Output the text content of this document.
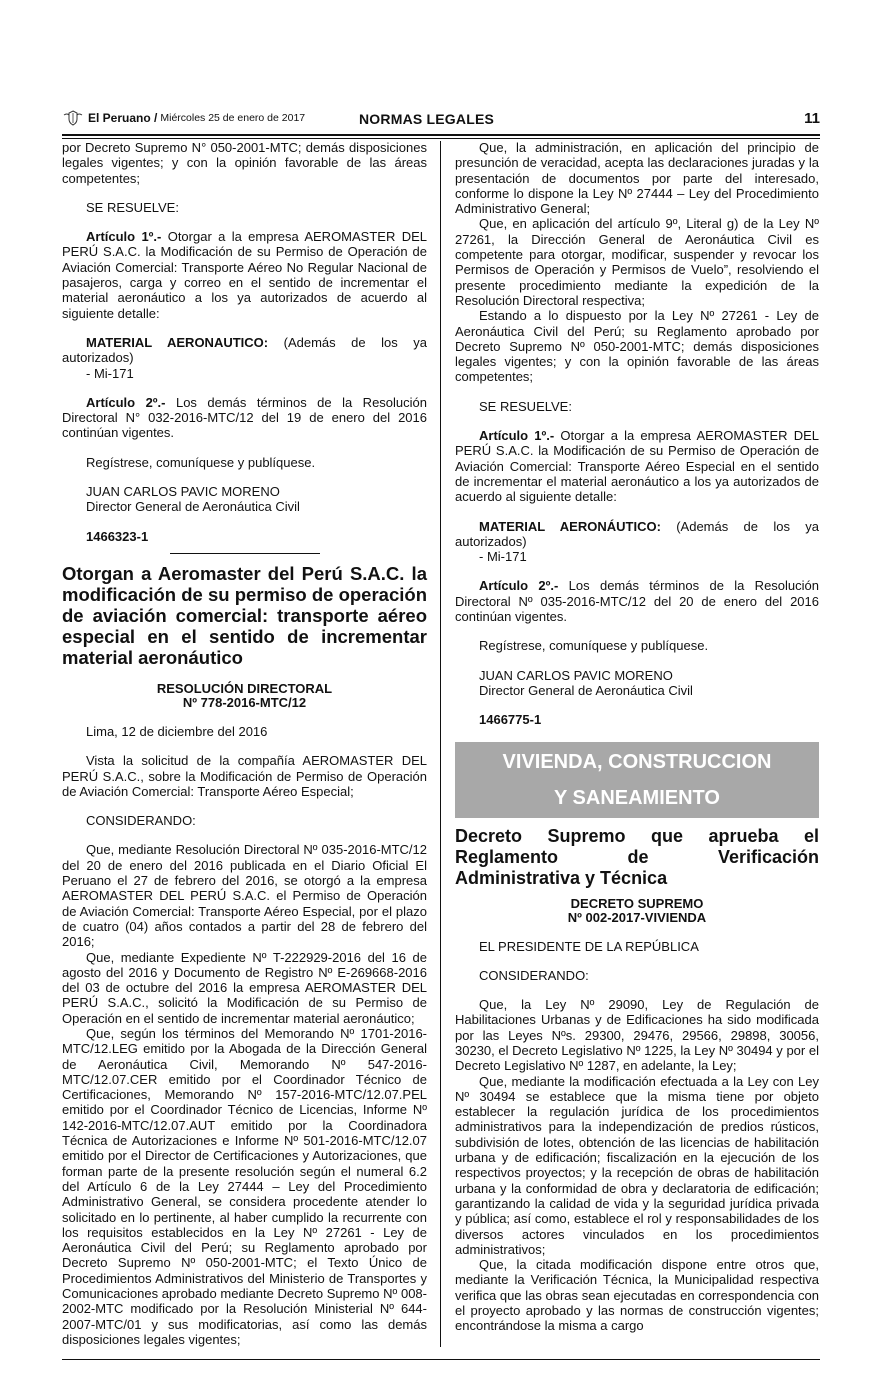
El Peruano / Miércoles 25 de enero de 2017	NORMAS LEGALES	11

por Decreto Supremo N° 050-2001-MTC; demás disposiciones legales vigentes; y con la opinión favorable de las áreas competentes;

SE RESUELVE:

Artículo 1º.- Otorgar a la empresa AEROMASTER DEL PERÚ S.A.C. la Modificación de su Permiso de Operación de Aviación Comercial: Transporte Aéreo No Regular Nacional de pasajeros, carga y correo en el sentido de incrementar el material aeronáutico a los ya autorizados de acuerdo al siguiente detalle:

MATERIAL AERONAUTICO: (Además de los ya autorizados)

- Mi-171

Artículo 2º.- Los demás términos de la Resolución Directoral N° 032-2016-MTC/12 del 19 de enero del 2016 continúan vigentes.

Regístrese, comuníquese y publíquese.

JUAN CARLOS PAVIC MORENO

Director General de Aeronáutica Civil

1466323-1

Otorgan a Aeromaster del Perú S.A.C. la modificación de su permiso de operación de aviación comercial: transporte aéreo especial en el sentido de incrementar material aeronáutico
RESOLUCIÓN DIRECTORAL
Nº 778-2016-MTC/12

Lima, 12 de diciembre del 2016

Vista la solicitud de la compañía AEROMASTER DEL PERÚ S.A.C., sobre la Modificación de Permiso de Operación de Aviación Comercial: Transporte Aéreo Especial;

CONSIDERANDO:

Que, mediante Resolución Directoral Nº 035-2016-MTC/12 del 20 de enero del 2016 publicada en el Diario Oficial El Peruano el 27 de febrero del 2016, se otorgó a la empresa AEROMASTER DEL PERÚ S.A.C. el Permiso de Operación de Aviación Comercial: Transporte Aéreo Especial, por el plazo de cuatro (04) años contados a partir del 28 de febrero del 2016;

Que, mediante Expediente Nº T-222929-2016 del 16 de agosto del 2016 y Documento de Registro Nº E-269668-2016 del 03 de octubre del 2016 la empresa AEROMASTER DEL PERÚ S.A.C., solicitó la Modificación de su Permiso de Operación en el sentido de incrementar material aeronáutico;

Que, según los términos del Memorando Nº 1701-2016-MTC/12.LEG emitido por la Abogada de la Dirección General de Aeronáutica Civil, Memorando Nº 547-2016-MTC/12.07.CER emitido por el Coordinador Técnico de Certificaciones, Memorando Nº 157-2016-MTC/12.07.PEL emitido por el Coordinador Técnico de Licencias, Informe Nº 142-2016-MTC/12.07.AUT emitido por la Coordinadora Técnica de Autorizaciones e Informe Nº 501-2016-MTC/12.07 emitido por el Director de Certificaciones y Autorizaciones, que forman parte de la presente resolución según el numeral 6.2 del Artículo 6 de la Ley 27444 – Ley del Procedimiento Administrativo General, se considera procedente atender lo solicitado en lo pertinente, al haber cumplido la recurrente con los requisitos establecidos en la Ley Nº 27261 - Ley de Aeronáutica Civil del Perú; su Reglamento aprobado por Decreto Supremo Nº 050-2001-MTC; el Texto Único de Procedimientos Administrativos del Ministerio de Transportes y Comunicaciones aprobado mediante Decreto Supremo Nº 008-2002-MTC modificado por la Resolución Ministerial Nº 644-2007-MTC/01 y sus modificatorias, así como las demás disposiciones legales vigentes;

Que, la administración, en aplicación del principio de presunción de veracidad, acepta las declaraciones juradas y la presentación de documentos por parte del interesado, conforme lo dispone la Ley Nº 27444 – Ley del Procedimiento Administrativo General;

Que, en aplicación del artículo 9º, Literal g) de la Ley Nº 27261, la Dirección General de Aeronáutica Civil es competente para otorgar, modificar, suspender y revocar los Permisos de Operación y Permisos de Vuelo”, resolviendo el presente procedimiento mediante la expedición de la Resolución Directoral respectiva;

Estando a lo dispuesto por la Ley Nº 27261 - Ley de Aeronáutica Civil del Perú; su Reglamento aprobado por Decreto Supremo Nº 050-2001-MTC; demás disposiciones legales vigentes; y con la opinión favorable de las áreas competentes;

SE RESUELVE:

Artículo 1º.- Otorgar a la empresa AEROMASTER DEL PERÚ S.A.C. la Modificación de su Permiso de Operación de Aviación Comercial: Transporte Aéreo Especial en el sentido de incrementar el material aeronáutico a los ya autorizados de acuerdo al siguiente detalle:

MATERIAL AERONÁUTICO: (Además de los ya autorizados)

- Mi-171

Artículo 2º.- Los demás términos de la Resolución Directoral Nº 035-2016-MTC/12 del 20 de enero del 2016 continúan vigentes.

Regístrese, comuníquese y publíquese.

JUAN CARLOS PAVIC MORENO

Director General de Aeronáutica Civil

1466775-1

VIVIENDA, CONSTRUCCION
Y SANEAMIENTO
Decreto Supremo que aprueba el Reglamento de Verificación Administrativa y Técnica
DECRETO SUPREMO
Nº 002-2017-VIVIENDA

EL PRESIDENTE DE LA REPÚBLICA

CONSIDERANDO:

Que, la Ley Nº 29090, Ley de Regulación de Habilitaciones Urbanas y de Edificaciones ha sido modificada por las Leyes Nºs. 29300, 29476, 29566, 29898, 30056, 30230, el Decreto Legislativo Nº 1225, la Ley Nº 30494 y por el Decreto Legislativo Nº 1287, en adelante, la Ley;

Que, mediante la modificación efectuada a la Ley con Ley Nº 30494 se establece que la misma tiene por objeto establecer la regulación jurídica de los procedimientos administrativos para la independización de predios rústicos, subdivisión de lotes, obtención de las licencias de habilitación urbana y de edificación; fiscalización en la ejecución de los respectivos proyectos; y la recepción de obras de habilitación urbana y la conformidad de obra y declaratoria de edificación; garantizando la calidad de vida y la seguridad jurídica privada y pública; así como, establece el rol y responsabilidades de los diversos actores vinculados en los procedimientos administrativos;

Que, la citada modificación dispone entre otros que, mediante la Verificación Técnica, la Municipalidad respectiva verifica que las obras sean ejecutadas en correspondencia con el proyecto aprobado y las normas de construcción vigentes; encontrándose la misma a cargo
